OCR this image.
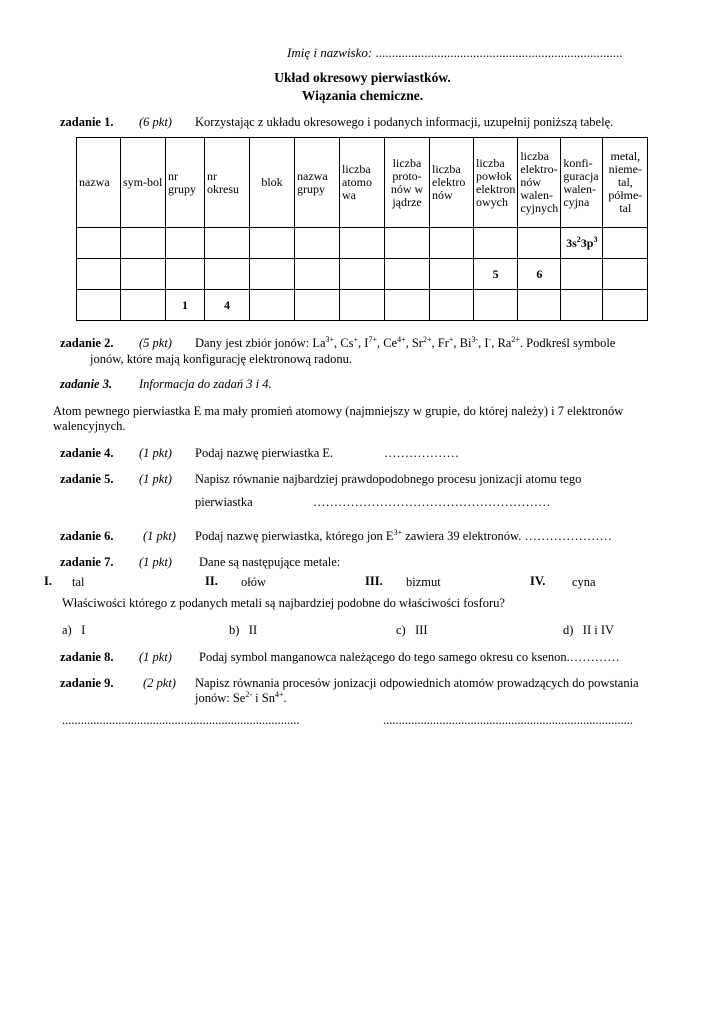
Imię i nazwisko: ............................................................................
Układ okresowy pierwiastków.
Wiązania chemiczne.
zadanie 1. (6 pkt) Korzystając z układu okresowego i podanych informacji, uzupełnij poniższą tabelę.
nazwa	sym-bol	nr grupy	nr okresu	blok	nazwa grupy	liczba atomo wa	liczba proto-nów w jądrze	liczba elektro nów	liczba powłok elektron owych	liczba elektro-nów walen-cyjnych	konfi-guracja walen-cyjna	metal, nieme-tal, półme-tal
											$3s^23p^3$	
									5	6		
		1	4									
zadanie 2. (5 pkt) Dany jest zbiór jonów: $La^{3+}$, Cs+, $I^{7+}$, $Ce^{4+}$, $Sr^{2+}$, Fr+, $Bi^{3-}$, I-, $Ra^{2+}$. Podkreśl symbole
jonów, które mają konfigurację elektronową radonu.
zadanie 3. Informacja do zadań 3 i 4.
Atom pewnego pierwiastka E ma mały promień atomowy (najmniejszy w grupie, do której należy) i 7 elektronów
walencyjnych.
zadanie 4. (1 pkt) Podaj nazwę pierwiastka E.	………………
zadanie 5. (1 pkt) Napisz równanie najbardziej prawdopodobnego procesu jonizacji atomu tego
pierwiastka	…………………………………………………
zadanie 6. (1 pkt) Podaj nazwę pierwiastka, którego jon $E^{3+}$ zawiera 39 elektronów. …………………
zadanie 7. (1 pkt) Dane są następujące metale:
I. tal	II. ołów	III. bizmut	IV. cyna
Właściwości którego z podanych metali są najbardziej podobne do właściwości fosforu?
a) I	b) II	c) III	d) II i IV
zadanie 8. (1 pkt) Podaj symbol manganowca należącego do tego samego okresu co ksenon.…………
zadanie 9. (2 pkt) Napisz równania procesów jonizacji odpowiednich atomów prowadzących do powstania
jonów: $Se^{2-}$ i $Sn^{4+}$.
............................................................................	................................................................................
